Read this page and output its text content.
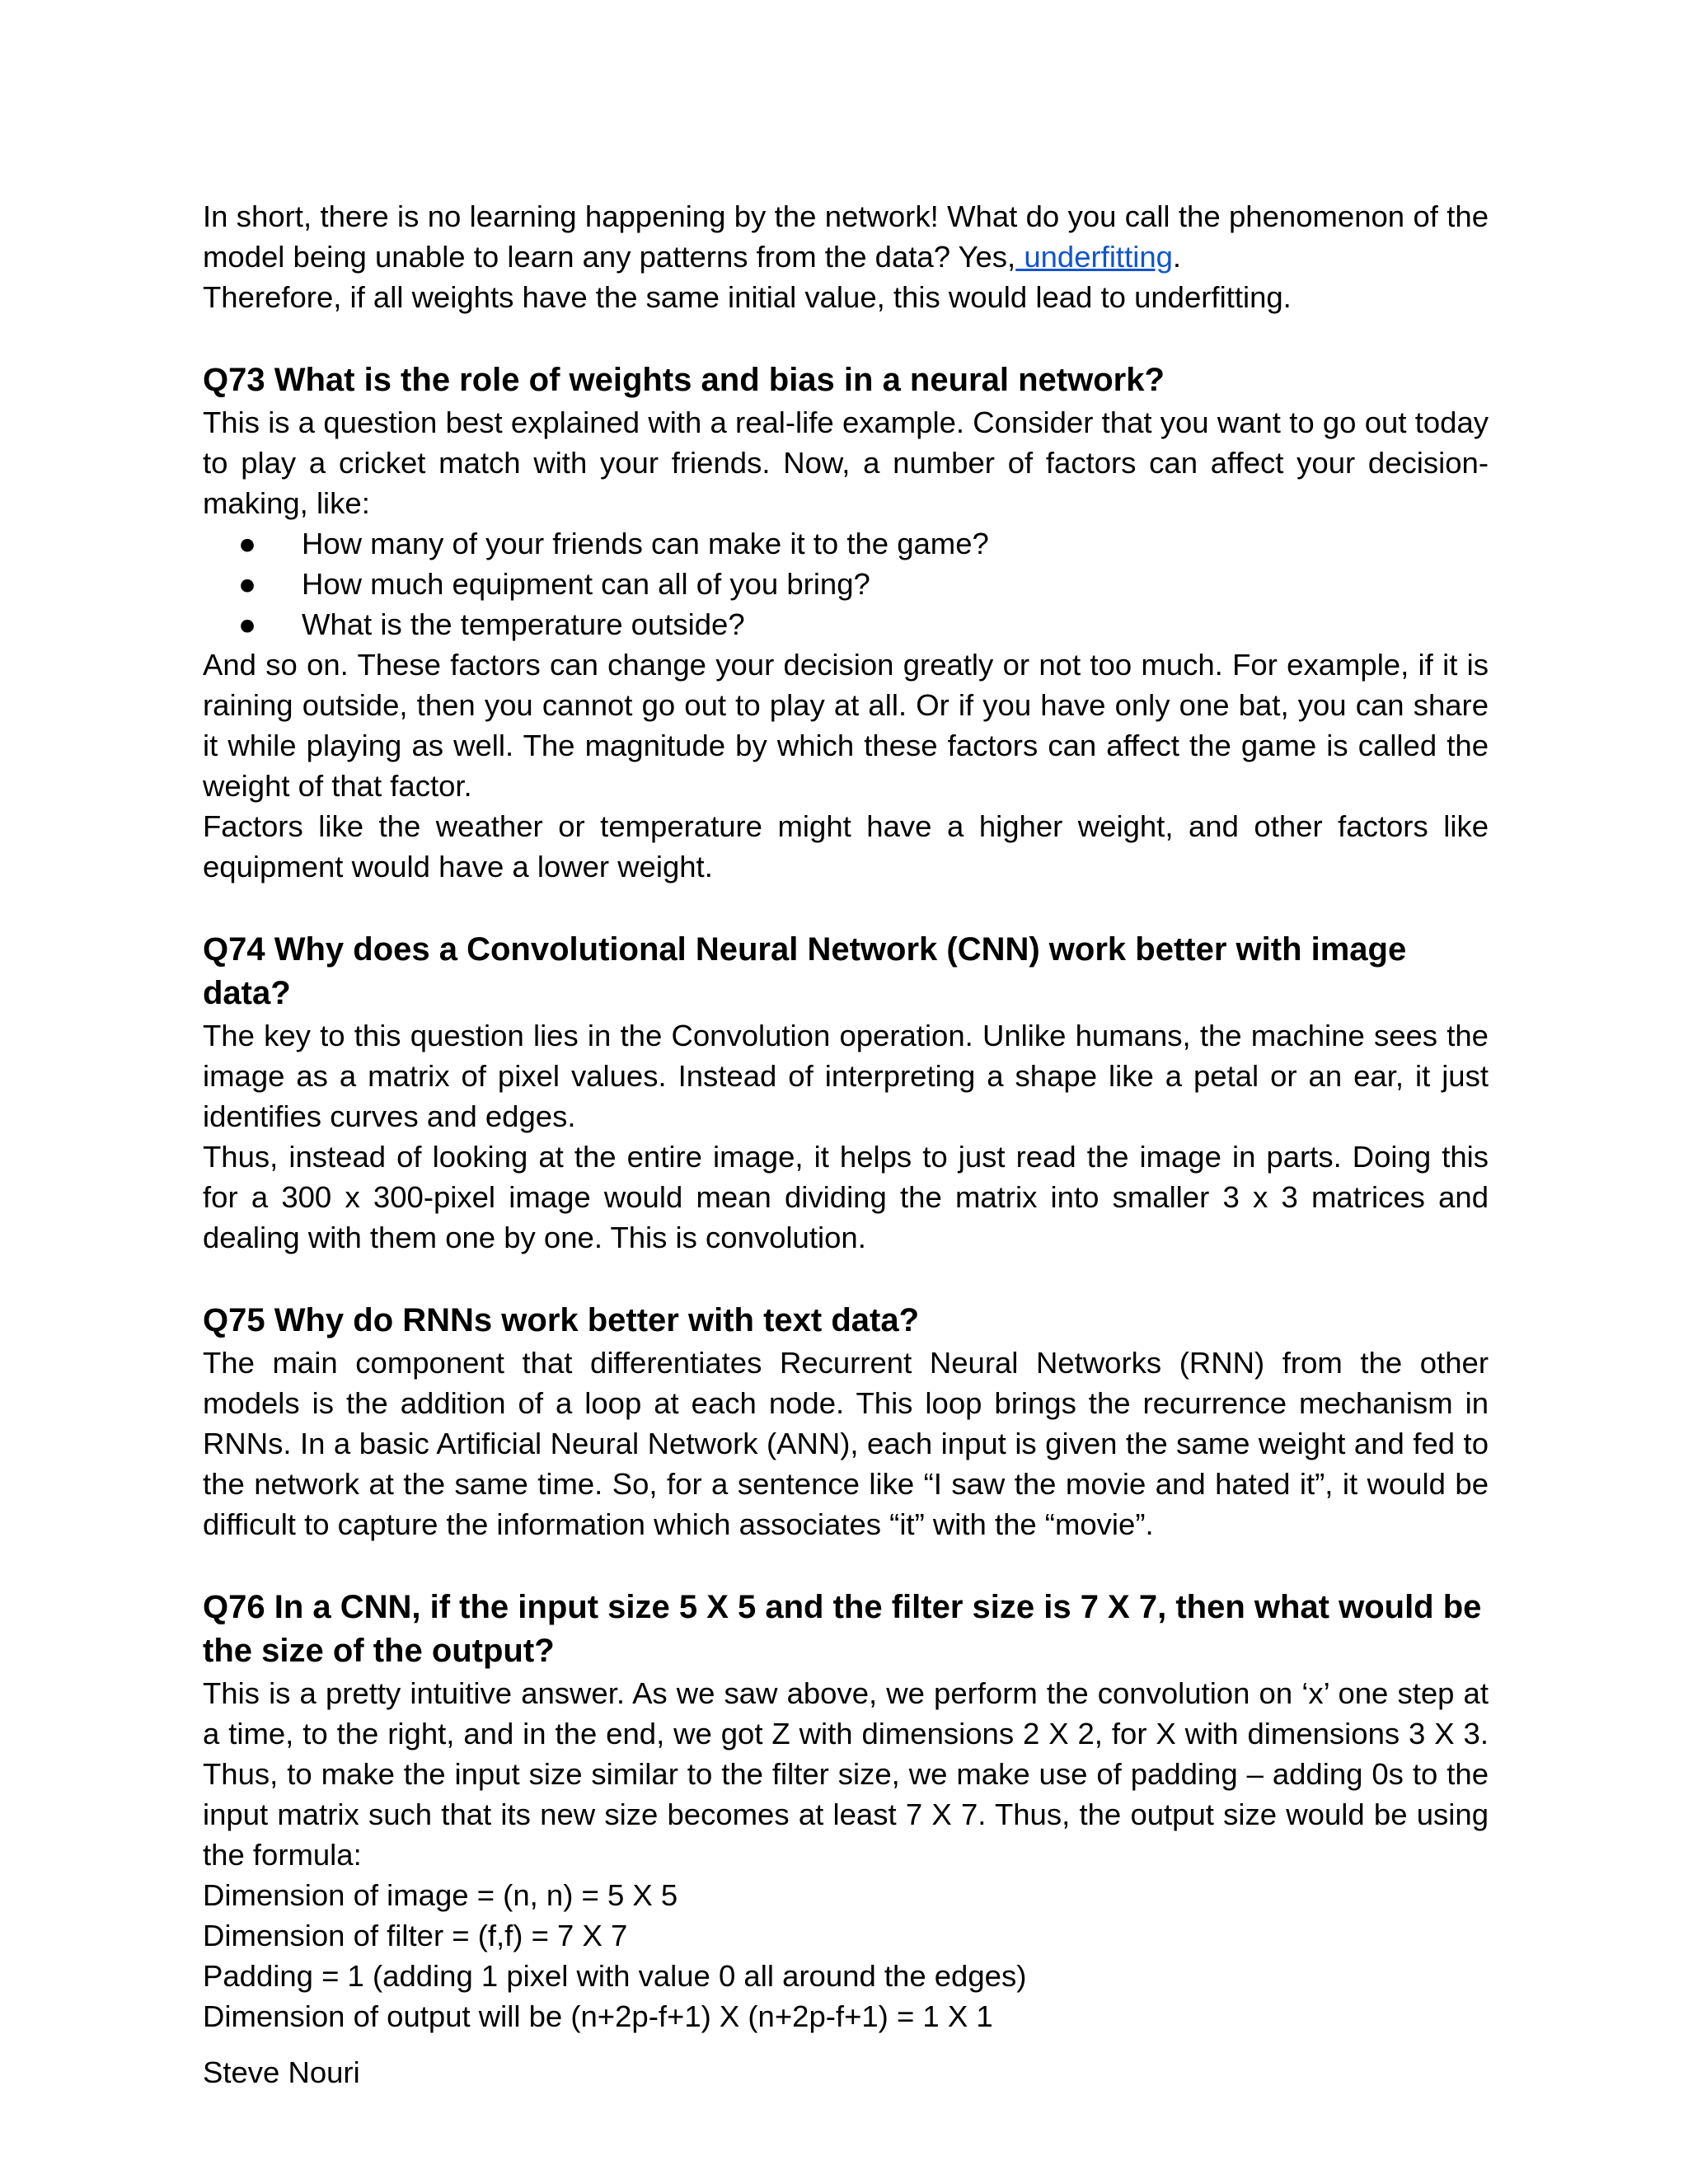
In short, there is no learning happening by the network! What do you call the phenomenon of the model being unable to learn any patterns from the data? Yes, underfitting.

Therefore, if all weights have the same initial value, this would lead to underfitting.

Q73 What is the role of weights and bias in a neural network?

This is a question best explained with a real-life example. Consider that you want to go out today to play a cricket match with your friends. Now, a number of factors can affect your decision-making, like:

● How many of your friends can make it to the game?
● How much equipment can all of you bring?
● What is the temperature outside?

And so on. These factors can change your decision greatly or not too much. For example, if it is raining outside, then you cannot go out to play at all. Or if you have only one bat, you can share it while playing as well. The magnitude by which these factors can affect the game is called the weight of that factor.

Factors like the weather or temperature might have a higher weight, and other factors like equipment would have a lower weight.

Q74 Why does a Convolutional Neural Network (CNN) work better with image data?

The key to this question lies in the Convolution operation. Unlike humans, the machine sees the image as a matrix of pixel values. Instead of interpreting a shape like a petal or an ear, it just identifies curves and edges.

Thus, instead of looking at the entire image, it helps to just read the image in parts. Doing this for a 300 x 300-pixel image would mean dividing the matrix into smaller 3 x 3 matrices and dealing with them one by one. This is convolution.

Q75 Why do RNNs work better with text data?

The main component that differentiates Recurrent Neural Networks (RNN) from the other models is the addition of a loop at each node. This loop brings the recurrence mechanism in RNNs. In a basic Artificial Neural Network (ANN), each input is given the same weight and fed to the network at the same time. So, for a sentence like “I saw the movie and hated it”, it would be difficult to capture the information which associates “it” with the “movie”.

Q76 In a CNN, if the input size 5 X 5 and the filter size is 7 X 7, then what would be the size of the output?

This is a pretty intuitive answer. As we saw above, we perform the convolution on ‘x’ one step at a time, to the right, and in the end, we got Z with dimensions 2 X 2, for X with dimensions 3 X 3. Thus, to make the input size similar to the filter size, we make use of padding – adding 0s to the input matrix such that its new size becomes at least 7 X 7. Thus, the output size would be using the formula:

Dimension of image = (n, n) = 5 X 5

Dimension of filter = (f,f) = 7 X 7

Padding = 1 (adding 1 pixel with value 0 all around the edges)

Dimension of output will be (n+2p-f+1) X (n+2p-f+1) = 1 X 1

Steve Nouri
